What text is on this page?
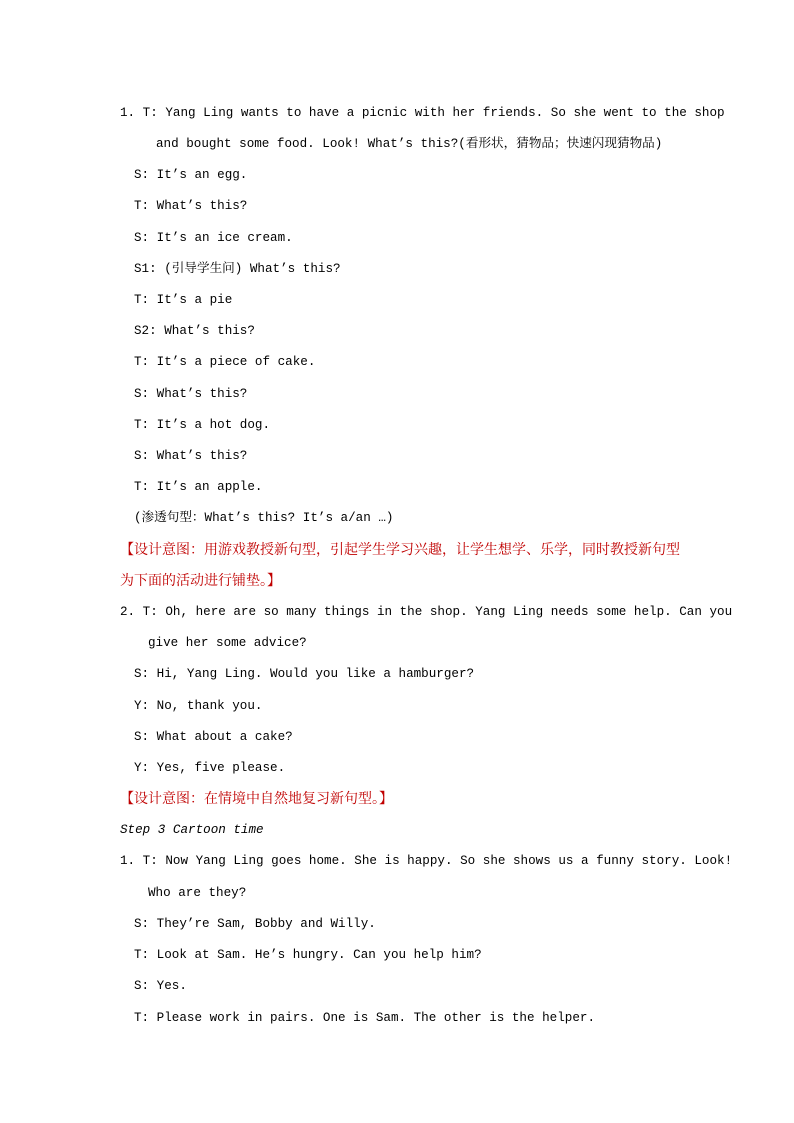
1. T: Yang Ling wants to have a picnic with her friends. So she went to the shop
and bought some food. Look! What’s this?(看形状，猜物品；快速闪现猜物品)
S: It’s an egg.
T: What’s this?
S: It’s an ice cream.
S1: (引导学生问) What’s this?
T: It’s a pie
S2: What’s this?
T: It’s a piece of cake.
S: What’s this?
T: It’s a hot dog.
S: What’s this?
T: It’s an apple.
(渗透句型：What’s this? It’s a/an …)
【设计意图：用游戏教授新句型，引起学生学习兴趣，让学生想学、乐学，同时教授新句型
为下面的活动进行铺垫。】
2. T: Oh, here are so many things in the shop. Yang Ling needs some help. Can you
give her some advice?
S: Hi, Yang Ling. Would you like a hamburger?
Y: No, thank you.
S: What about a cake?
Y: Yes, five please.
【设计意图：在情境中自然地复习新句型。】
Step 3 Cartoon time
1. T: Now Yang Ling goes home. She is happy. So she shows us a funny story. Look!
Who are they?
S: They’re Sam, Bobby and Willy.
T: Look at Sam. He’s hungry. Can you help him?
S: Yes.
T: Please work in pairs. One is Sam. The other is the helper.
